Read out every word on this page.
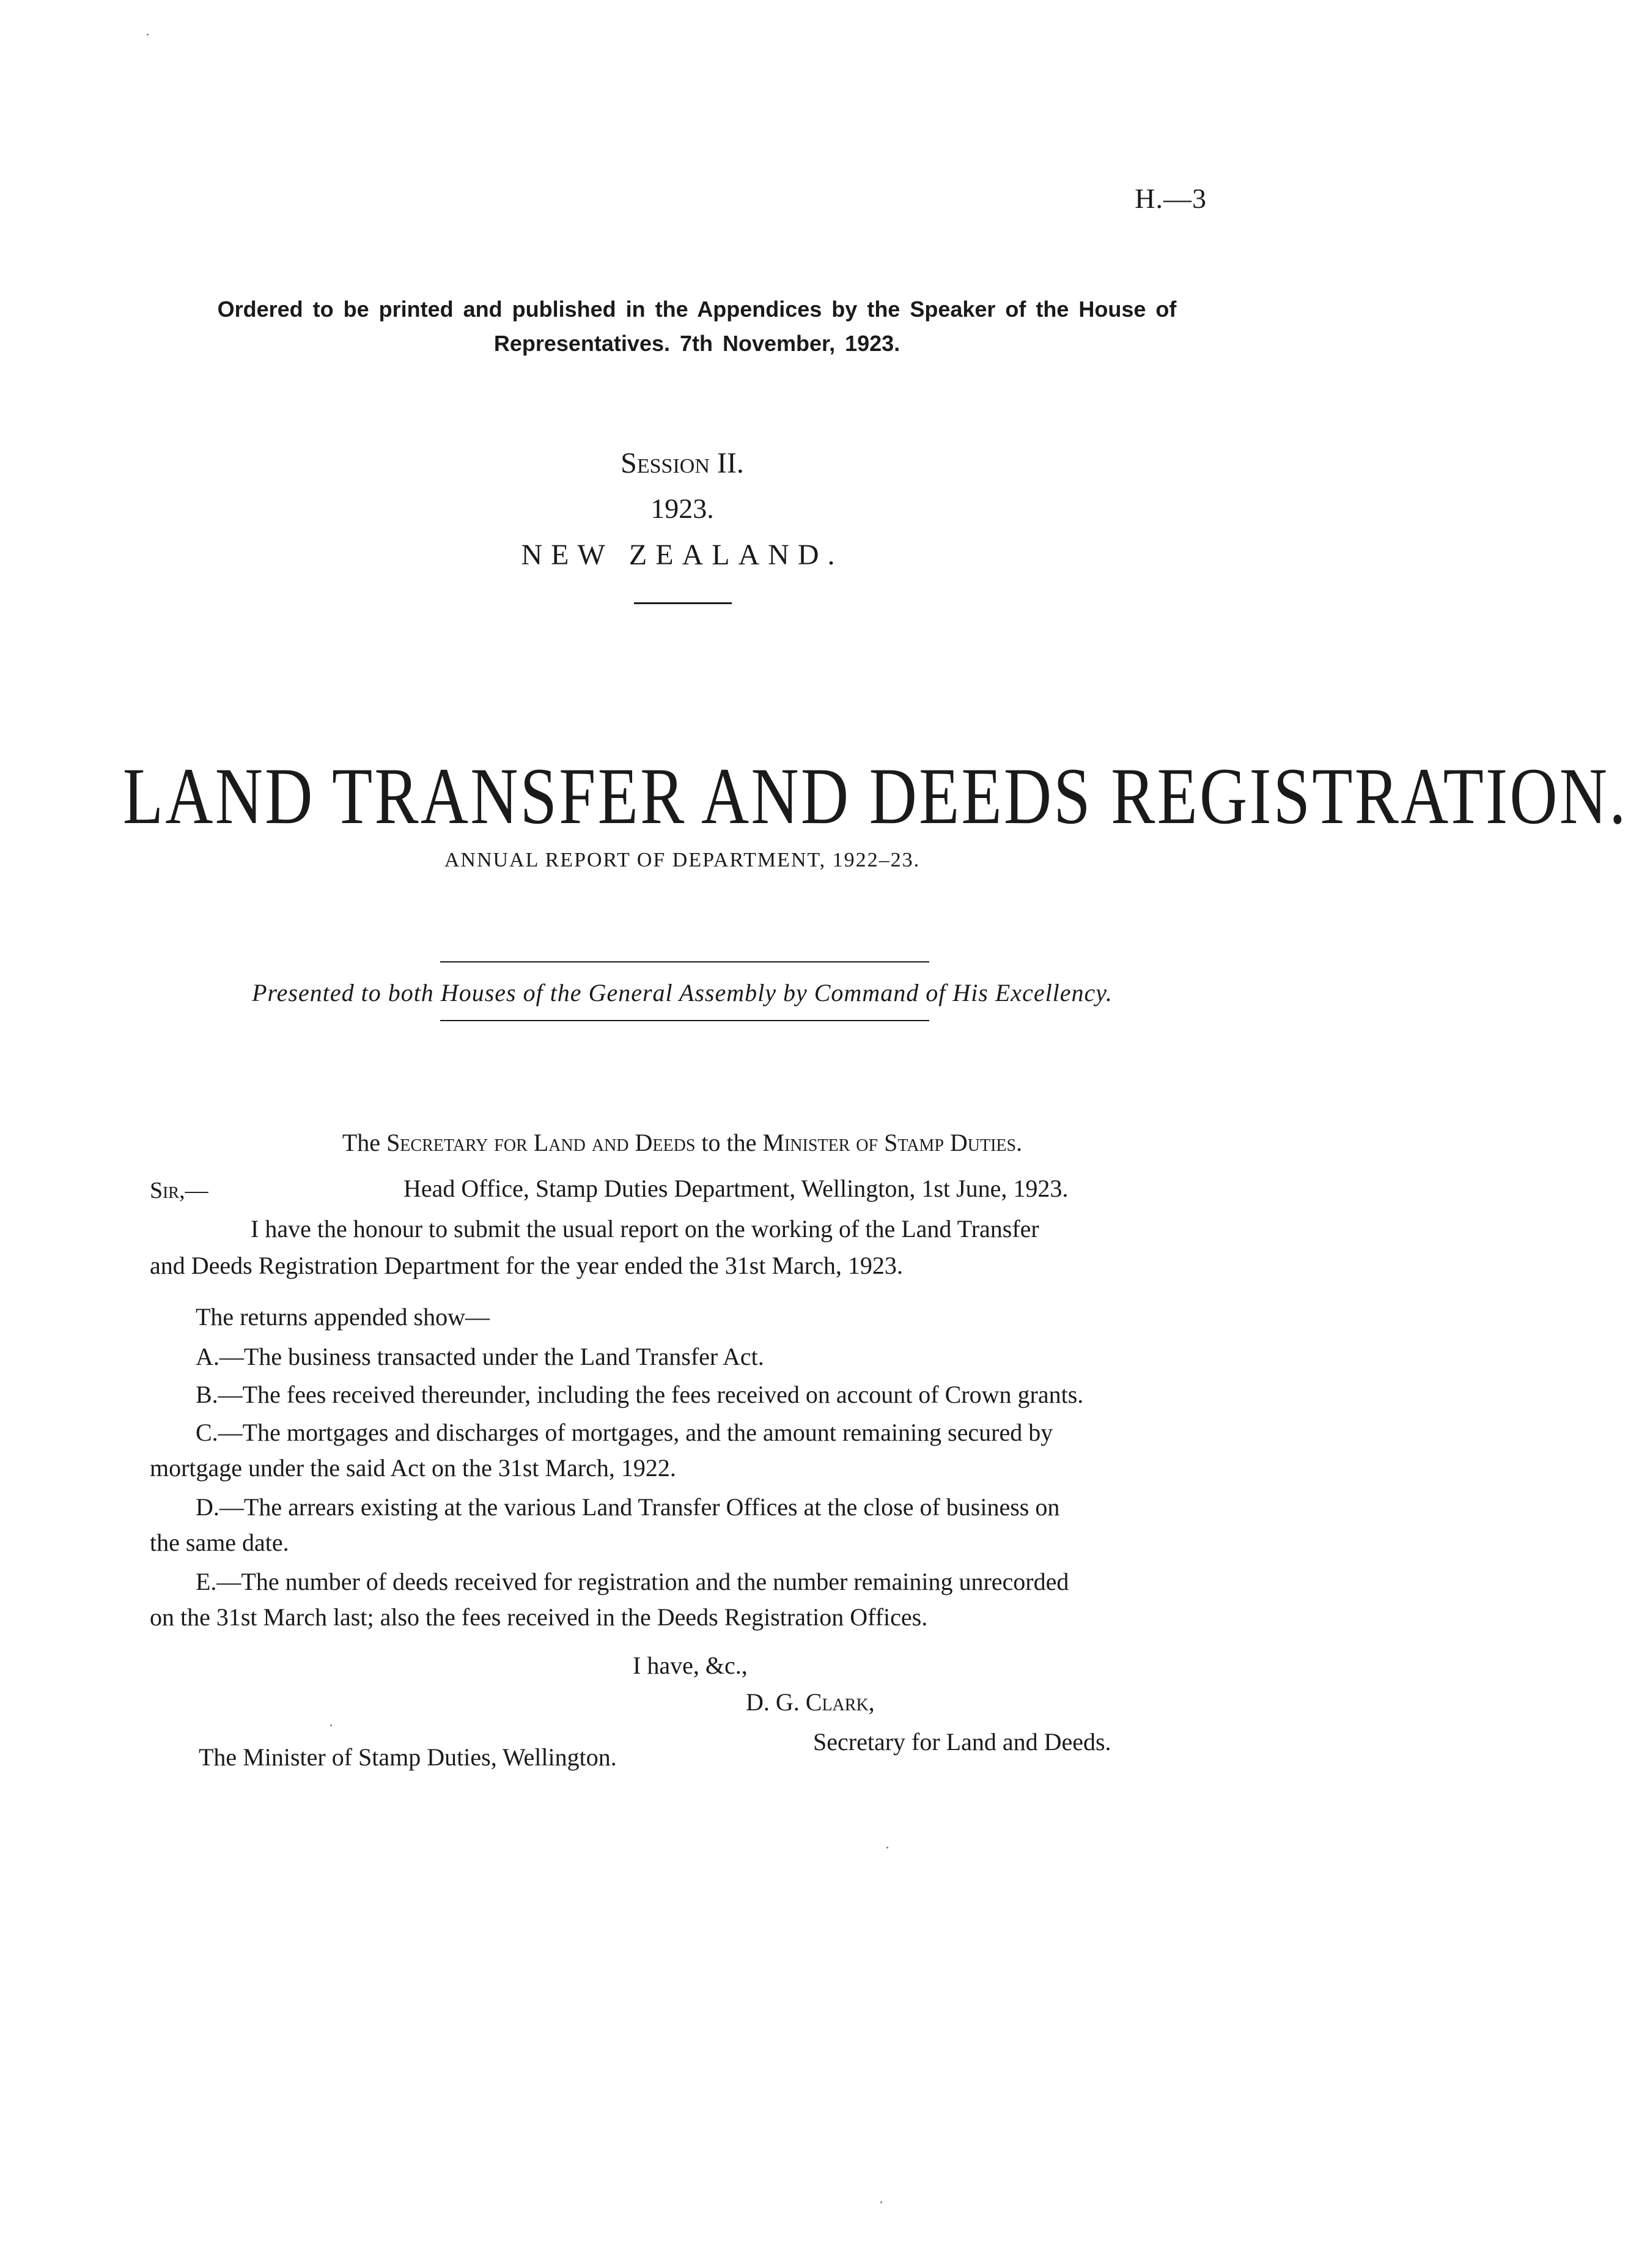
H.—3
Ordered to be printed and published in the Appendices by the Speaker of the House of
Representatives. 7th November, 1923.
Session II.
1923.
NEW ZEALAND.
LAND TRANSFER AND DEEDS REGISTRATION.
ANNUAL REPORT OF DEPARTMENT, 1922–23.
Presented to both Houses of the General Assembly by Command of His Excellency.
The Secretary for Land and Deeds to the Minister of Stamp Duties.
Sir,—	Head Office, Stamp Duties Department, Wellington, 1st June, 1923.
I have the honour to submit the usual report on the working of the Land Transfer
and Deeds Registration Department for the year ended the 31st March, 1923.
The returns appended show—
A.—The business transacted under the Land Transfer Act.
B.—The fees received thereunder, including the fees received on account of Crown grants.
C.—The mortgages and discharges of mortgages, and the amount remaining secured by
mortgage under the said Act on the 31st March, 1922.
D.—The arrears existing at the various Land Transfer Offices at the close of business on
the same date.
E.—The number of deeds received for registration and the number remaining unrecorded
on the 31st March last; also the fees received in the Deeds Registration Offices.
I have, &c.,
D. G. Clark,
Secretary for Land and Deeds.
The Minister of Stamp Duties, Wellington.
